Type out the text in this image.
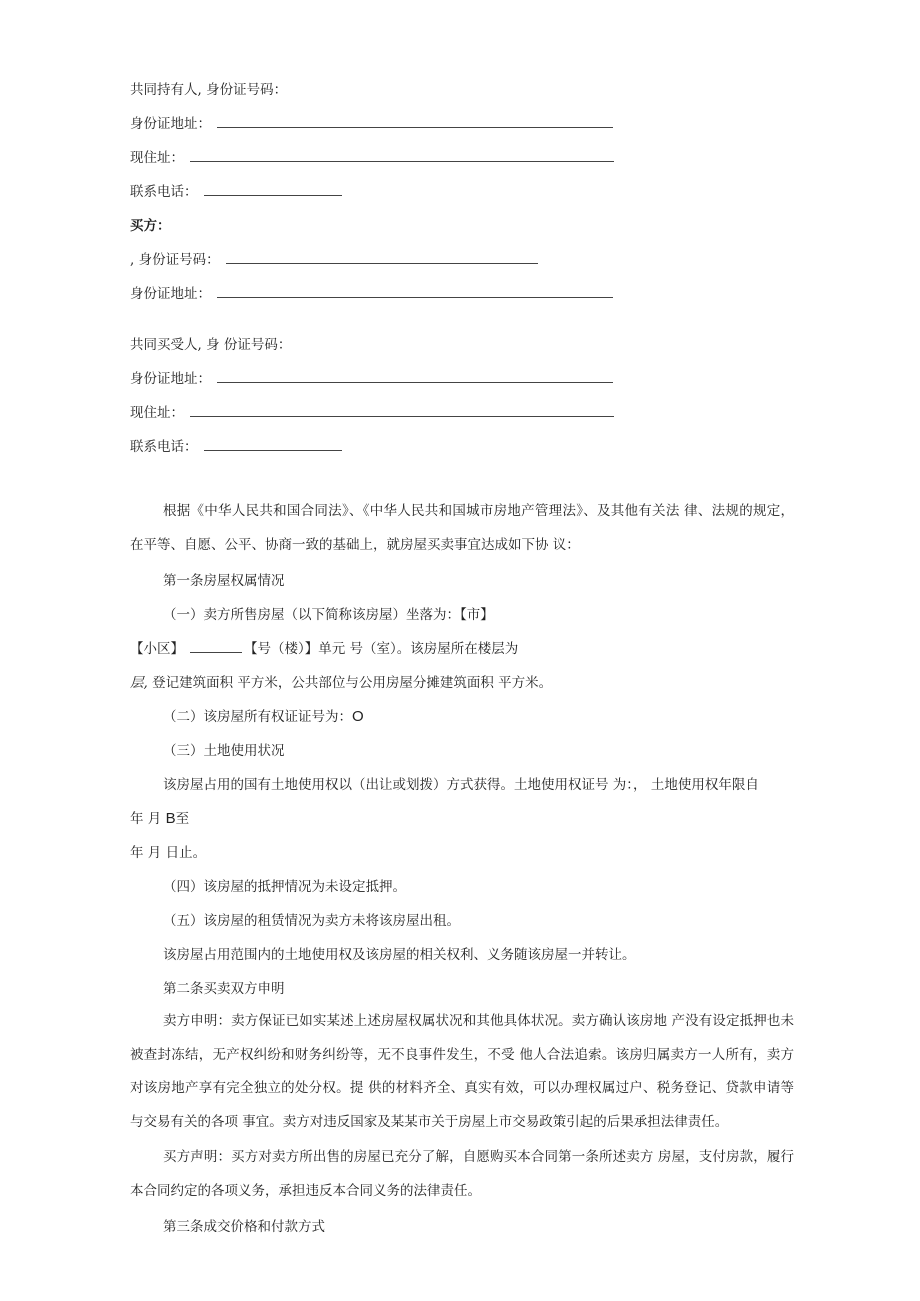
共同持有人, 身份证号码：
身份证地址：
现住址：
联系电话：
买方：
, 身份证号码：
身份证地址：
共同买受人, 身 份证号码：
身份证地址：
现住址：
联系电话：
根据《中华人民共和国合同法》、《中华人民共和国城市房地产管理法》、及其他有关法 律、法规的规定，在平等、自愿、公平、协商一致的基础上，就房屋买卖事宜达成如下协 议：
第一条房屋权属情况
（一）卖方所售房屋（以下简称该房屋）坐落为：【市】
【小区】	【号（楼）】单元 号（室）。该房屋所在楼层为
层, 登记建筑面积 平方米，公共部位与公用房屋分摊建筑面积 平方米。
（二）该房屋所有权证证号为：O
（三）土地使用状况
该房屋占用的国有土地使用权以（出让或划拨）方式获得。土地使用权证号 为：， 土地使用权年限自
年 月 B至
年 月 日止。
（四）该房屋的抵押情况为未设定抵押。
（五）该房屋的租赁情况为卖方未将该房屋出租。
该房屋占用范围内的土地使用权及该房屋的相关权利、义务随该房屋一并转让。
第二条买卖双方申明
卖方申明：卖方保证已如实某述上述房屋权属状况和其他具体状况。卖方确认该房地 产没有设定抵押也未被查封冻结，无产权纠纷和财务纠纷等，无不良事件发生，不受 他人合法追索。该房归属卖方一人所有，卖方对该房地产享有完全独立的处分权。提 供的材料齐全、真实有效，可以办理权属过户、税务登记、贷款申请等与交易有关的各项 事宜。卖方对违反国家及某某市关于房屋上市交易政策引起的后果承担法律责任。
买方声明：买方对卖方所出售的房屋已充分了解，自愿购买本合同第一条所述卖方 房屋，支付房款，履行本合同约定的各项义务，承担违反本合同义务的法律责任。
第三条成交价格和付款方式
